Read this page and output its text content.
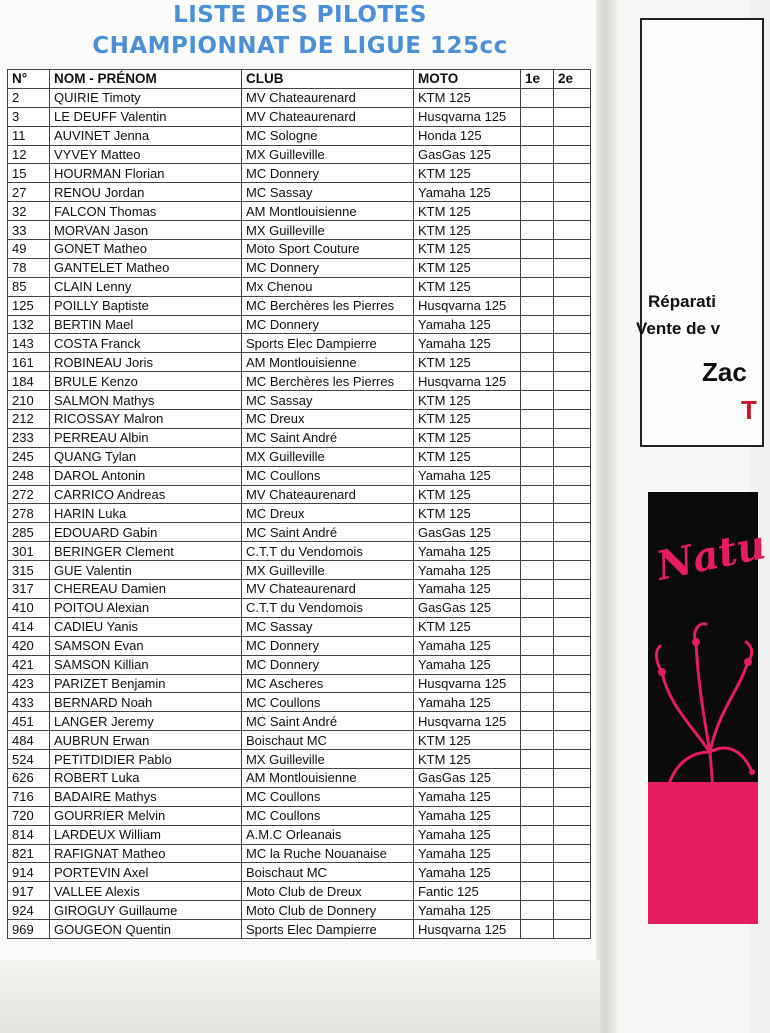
LISTE DES PILOTES
CHAMPIONNAT DE LIGUE 125cc
N°	NOM - PRÉNOM	CLUB	MOTO	1e	2e
2	QUIRIE Timoty	MV Chateaurenard	KTM 125		
3	LE DEUFF Valentin	MV Chateaurenard	Husqvarna 125		
11	AUVINET Jenna	MC Sologne	Honda 125		
12	VYVEY Matteo	MX Guilleville	GasGas 125		
15	HOURMAN Florian	MC Donnery	KTM 125		
27	RENOU Jordan	MC Sassay	Yamaha 125		
32	FALCON Thomas	AM Montlouisienne	KTM 125		
33	MORVAN Jason	MX Guilleville	KTM 125		
49	GONET Matheo	Moto Sport Couture	KTM 125		
78	GANTELET Matheo	MC Donnery	KTM 125		
85	CLAIN Lenny	Mx Chenou	KTM 125		
125	POILLY Baptiste	MC Berchères les Pierres	Husqvarna 125		
132	BERTIN Mael	MC Donnery	Yamaha 125		
143	COSTA Franck	Sports Elec Dampierre	Yamaha 125		
161	ROBINEAU Joris	AM Montlouisienne	KTM 125		
184	BRULE Kenzo	MC Berchères les Pierres	Husqvarna 125		
210	SALMON Mathys	MC Sassay	KTM 125		
212	RICOSSAY Malron	MC Dreux	KTM 125		
233	PERREAU Albin	MC Saint André	KTM 125		
245	QUANG Tylan	MX Guilleville	KTM 125		
248	DAROL Antonin	MC Coullons	Yamaha 125		
272	CARRICO Andreas	MV Chateaurenard	KTM 125		
278	HARIN Luka	MC Dreux	KTM 125		
285	EDOUARD Gabin	MC Saint André	GasGas 125		
301	BERINGER Clement	C.T.T du Vendomois	Yamaha 125		
315	GUE Valentin	MX Guilleville	Yamaha 125		
317	CHEREAU Damien	MV Chateaurenard	Yamaha 125		
410	POITOU Alexian	C.T.T du Vendomois	GasGas 125		
414	CADIEU Yanis	MC Sassay	KTM 125		
420	SAMSON Evan	MC Donnery	Yamaha 125		
421	SAMSON Killian	MC Donnery	Yamaha 125		
423	PARIZET Benjamin	MC Ascheres	Husqvarna 125		
433	BERNARD Noah	MC Coullons	Yamaha 125		
451	LANGER Jeremy	MC Saint André	Husqvarna 125		
484	AUBRUN Erwan	Boischaut MC	KTM 125		
524	PETITDIDIER Pablo	MX Guilleville	KTM 125		
626	ROBERT Luka	AM Montlouisienne	GasGas 125		
716	BADAIRE Mathys	MC Coullons	Yamaha 125		
720	GOURRIER Melvin	MC Coullons	Yamaha 125		
814	LARDEUX William	A.M.C Orleanais	Yamaha 125		
821	RAFIGNAT Matheo	MC la Ruche Nouanaise	Yamaha 125		
914	PORTEVIN Axel	Boischaut MC	Yamaha 125		
917	VALLEE Alexis	Moto Club de Dreux	Fantic 125		
924	GIROGUY Guillaume	Moto Club de Donnery	Yamaha 125		
969	GOUGEON Quentin	Sports Elec Dampierre	Husqvarna 125		
Réparati
Vente de v
Zac
T
Natu
